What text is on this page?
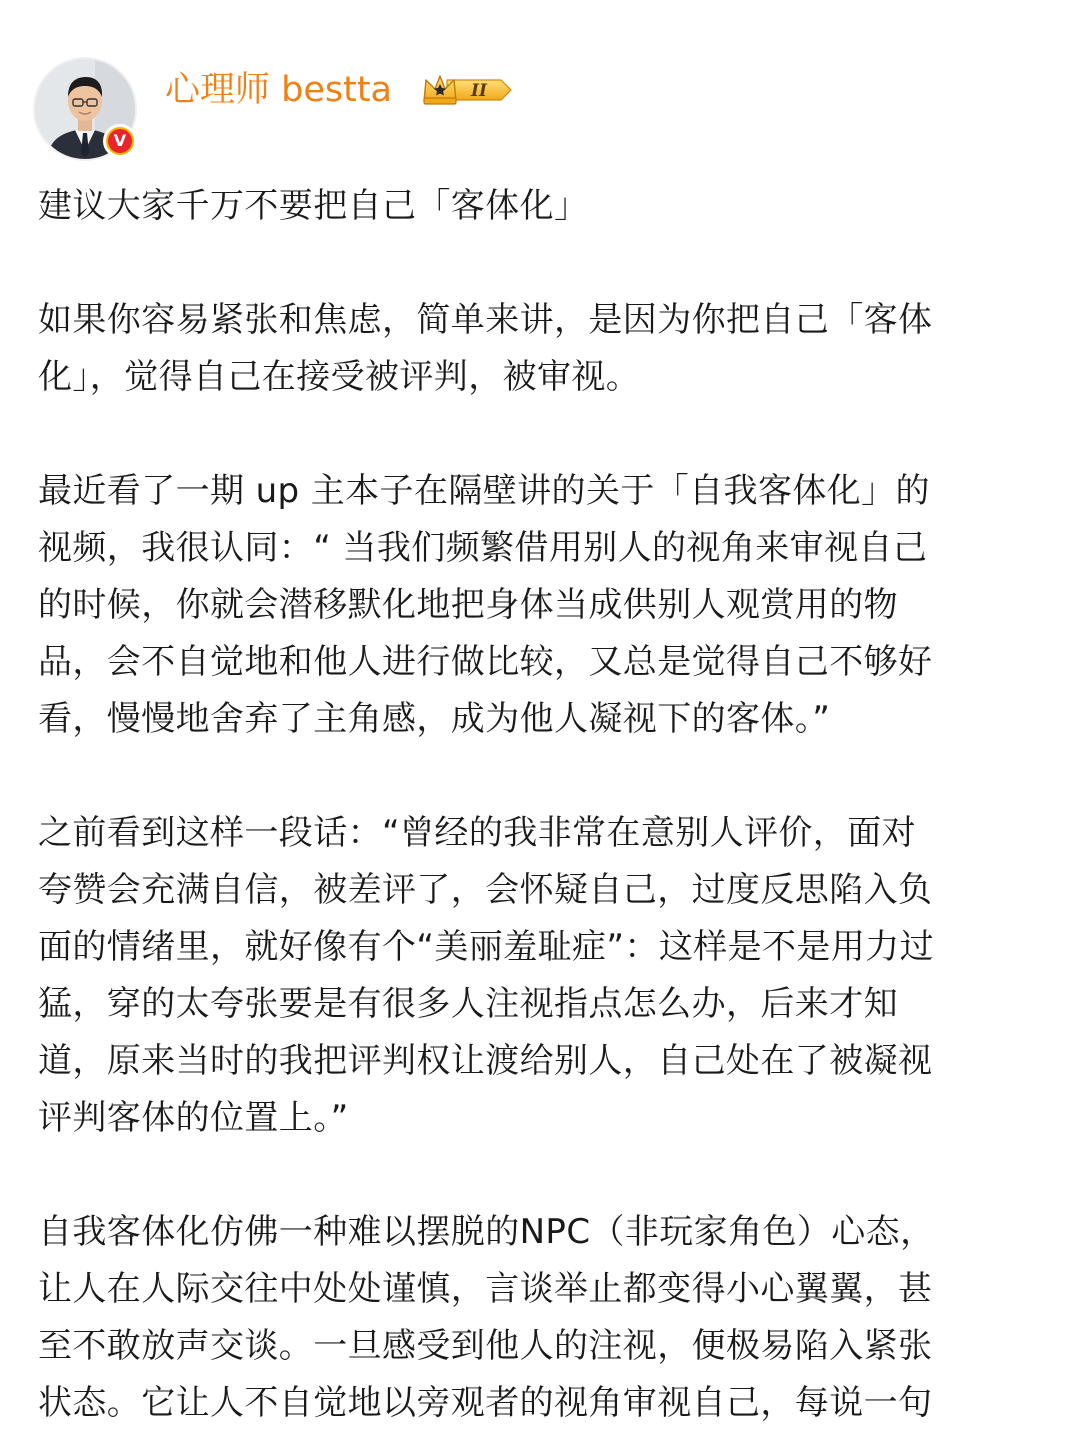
V
心理师 bestta	II

建议大家千万不要把自己「客体化」

如果你容易紧张和焦虑，简单来讲，是因为你把自己「客体
化」，觉得自己在接受被评判，被审视。

最近看了一期 up 主本子在隔壁讲的关于「自我客体化」的
视频，我很认同：“ 当我们频繁借用别人的视角来审视自己
的时候，你就会潜移默化地把身体当成供别人观赏用的物
品，会不自觉地和他人进行做比较，又总是觉得自己不够好
看，慢慢地舍弃了主角感，成为他人凝视下的客体。”

之前看到这样一段话：“曾经的我非常在意别人评价，面对
夸赞会充满自信，被差评了，会怀疑自己，过度反思陷入负
面的情绪里，就好像有个“美丽羞耻症”：这样是不是用力过
猛，穿的太夸张要是有很多人注视指点怎么办，后来才知
道，原来当时的我把评判权让渡给别人，自己处在了被凝视
评判客体的位置上。”

自我客体化仿佛一种难以摆脱的NPC（非玩家角色）心态，
让人在人际交往中处处谨慎，言谈举止都变得小心翼翼，甚
至不敢放声交谈。一旦感受到他人的注视，便极易陷入紧张
状态。它让人不自觉地以旁观者的视角审视自己，每说一句
